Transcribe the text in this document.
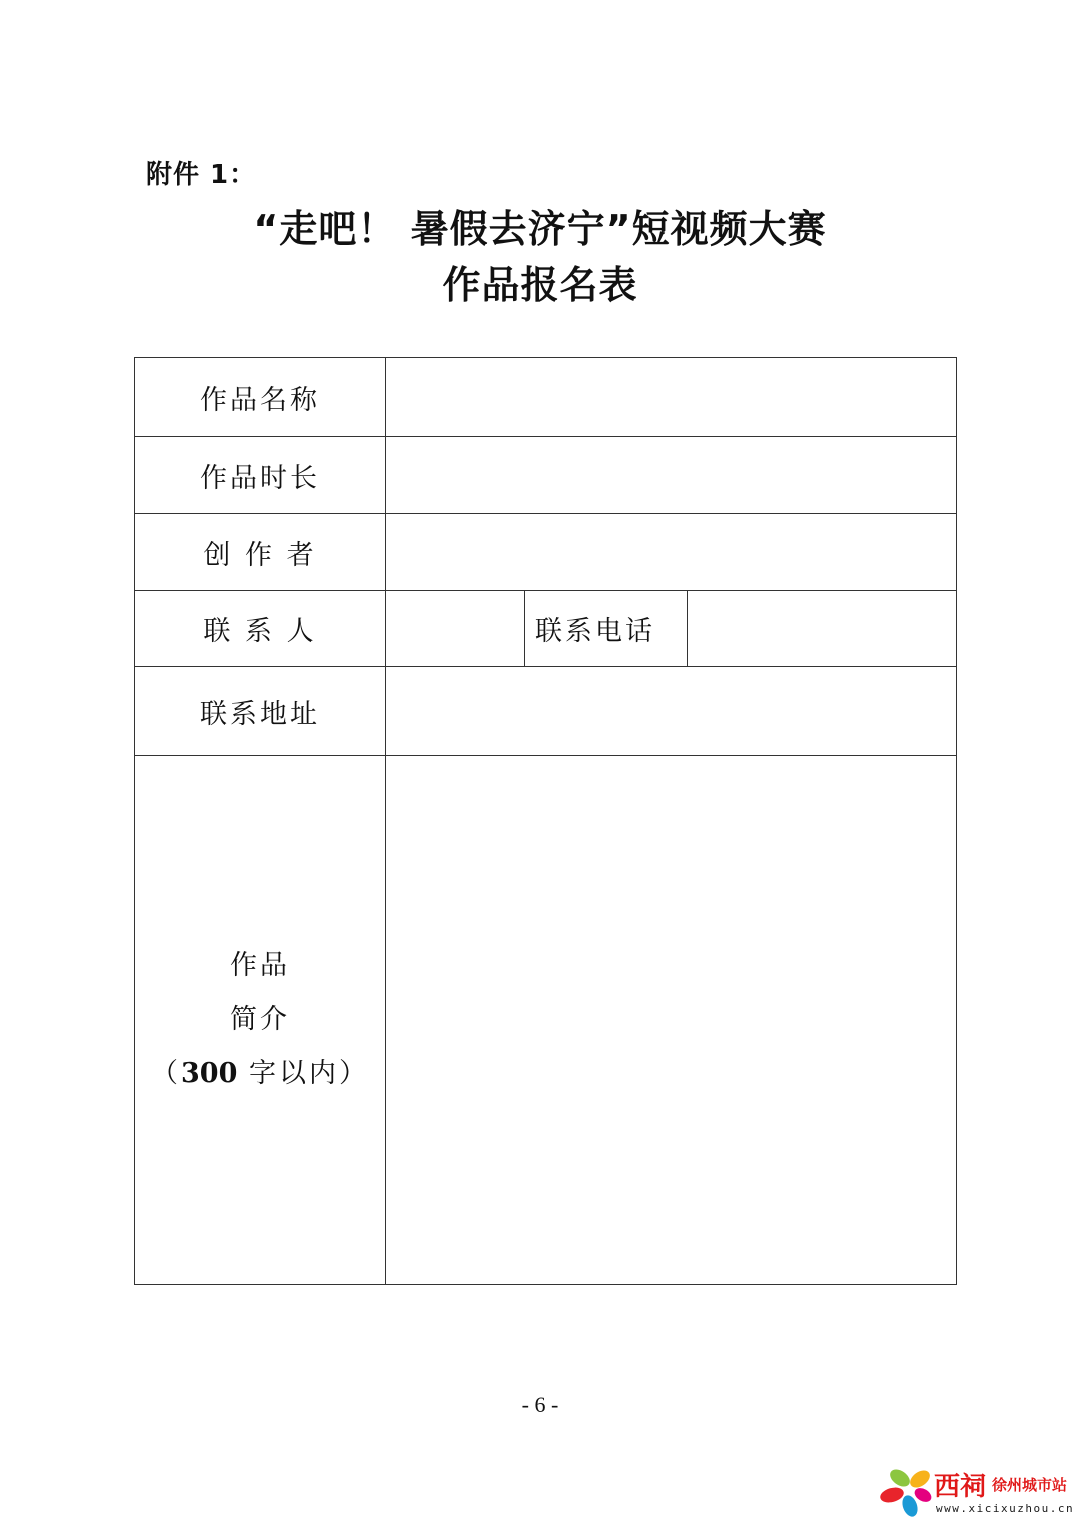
附件 1：
“走吧！ 暑假去济宁”短视频大赛
作品报名表
作品名称			
作品时长			
创 作 者			
联 系 人		联系电话	
联系地址			

作品
简介
（300 字以内）			

- 6 -
西祠 徐州城市站
www.xicixuzhou.cn
